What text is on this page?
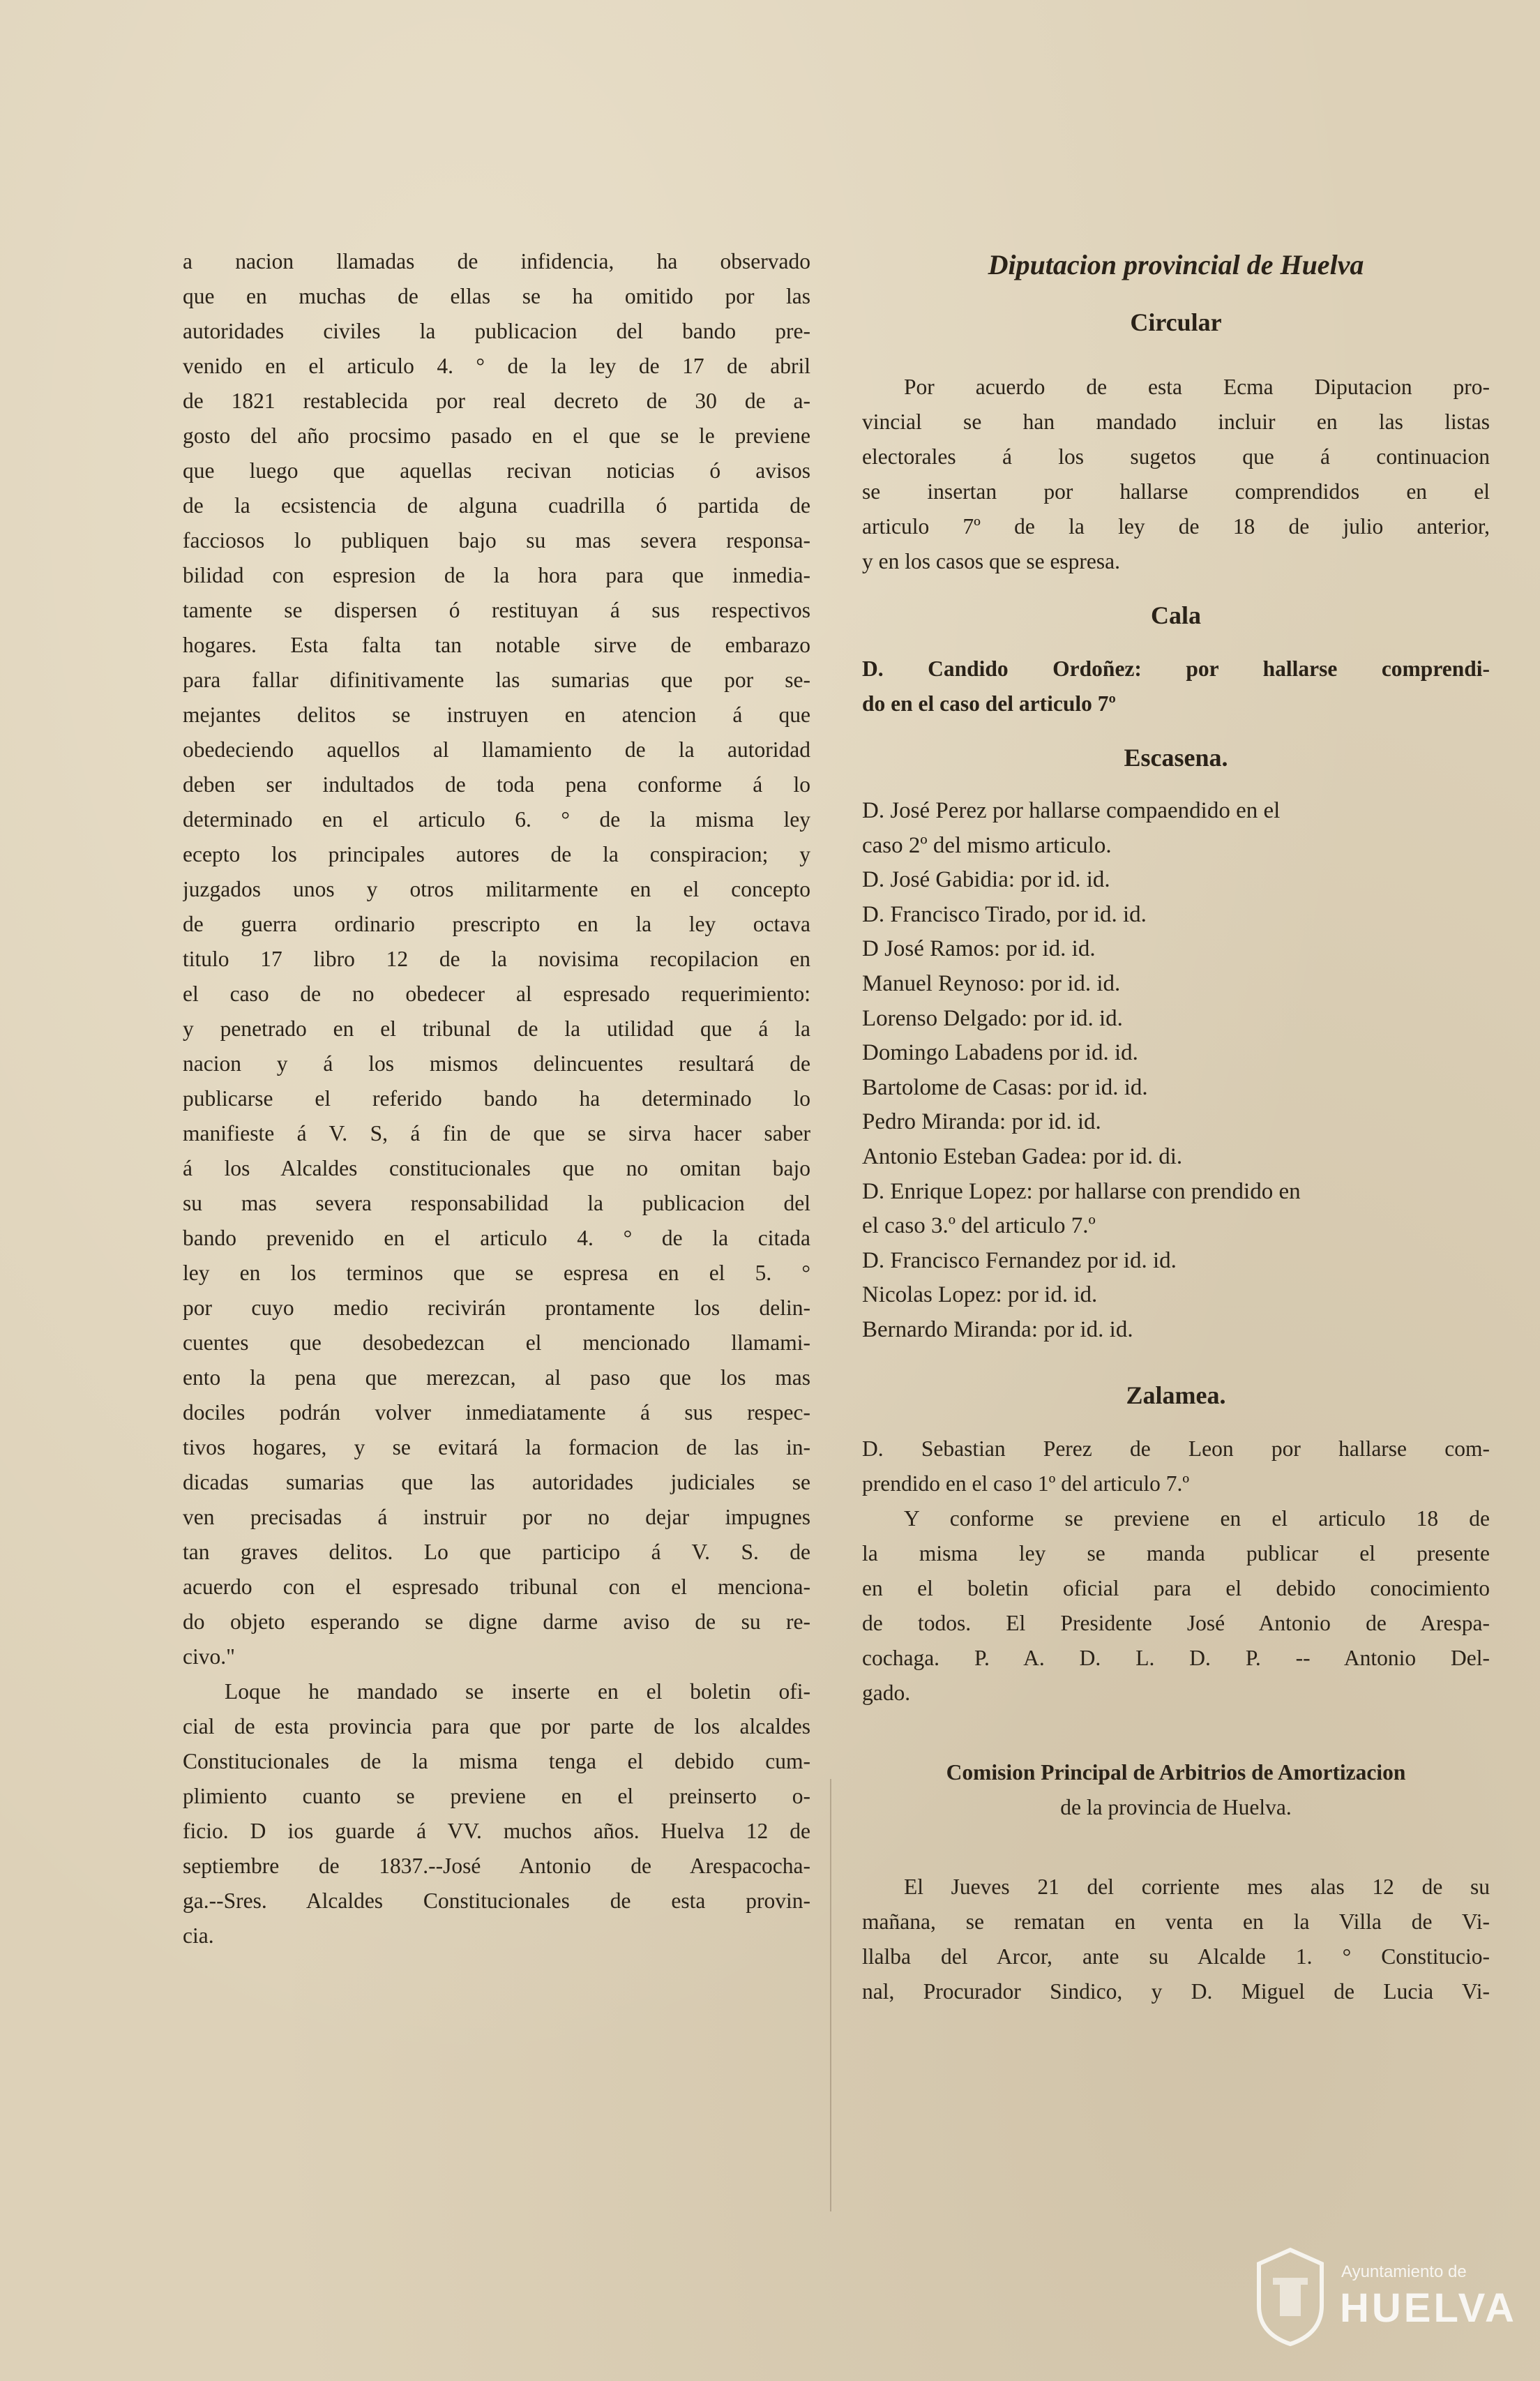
a nacion llamadas de infidencia, ha observado
que en muchas de ellas se ha omitido por las
autoridades civiles la publicacion del bando pre-
venido en el articulo 4. ° de la ley de 17 de abril
de 1821 restablecida por real decreto de 30 de a-
gosto del año procsimo pasado en el que se le previene
que luego que aquellas recivan noticias ó avisos
de la ecsistencia de alguna cuadrilla ó partida de
facciosos lo publiquen bajo su mas severa responsa-
bilidad con espresion de la hora para que inmedia-
tamente se dispersen ó restituyan á sus respectivos
hogares. Esta falta tan notable sirve de embarazo
para fallar difinitivamente las sumarias que por se-
mejantes delitos se instruyen en atencion á que
obedeciendo aquellos al llamamiento de la autoridad
deben ser indultados de toda pena conforme á lo
determinado en el articulo 6. ° de la misma ley
ecepto los principales autores de la conspiracion; y
juzgados unos y otros militarmente en el concepto
de guerra ordinario prescripto en la ley octava
titulo 17 libro 12 de la novisima recopilacion en
el caso de no obedecer al espresado requerimiento:
y penetrado en el tribunal de la utilidad que á la
nacion y á los mismos delincuentes resultará de
publicarse el referido bando ha determinado lo
manifieste á V. S, á fin de que se sirva hacer saber
á los Alcaldes constitucionales que no omitan bajo
su mas severa responsabilidad la publicacion del
bando prevenido en el articulo 4. ° de la citada
ley en los terminos que se espresa en el 5. °
por cuyo medio recivirán prontamente los delin-
cuentes que desobedezcan el mencionado llamami-
ento la pena que merezcan, al paso que los mas
dociles podrán volver inmediatamente á sus respec-
tivos hogares, y se evitará la formacion de las in-
dicadas sumarias que las autoridades judiciales se
ven precisadas á instruir por no dejar impugnes
tan graves delitos. Lo que participo á V. S. de
acuerdo con el espresado tribunal con el menciona-
do objeto esperando se digne darme aviso de su re-
civo."
Loque he mandado se inserte en el boletin ofi-
cial de esta provincia para que por parte de los alcaldes
Constitucionales de la misma tenga el debido cum-
plimiento cuanto se previene en el preinserto o-
ficio. D ios guarde á VV. muchos años. Huelva 12 de
septiembre de 1837.--José Antonio de Arespacocha-
ga.--Sres. Alcaldes Constitucionales de esta provin-
cia.
Diputacion provincial de Huelva
Circular
Por acuerdo de esta Ecma Diputacion pro-
vincial se han mandado incluir en las listas
electorales á los sugetos que á continuacion
se insertan por hallarse comprendidos en el
articulo 7º de la ley de 18 de julio anterior,
y en los casos que se espresa.
Cala
D. Candido Ordoñez: por hallarse comprendi-
do en el caso del articulo 7º
Escasena.
D. José Perez por hallarse compaendido en el
caso 2º del mismo articulo.
D. José Gabidia: por id. id.
D. Francisco Tirado, por id. id.
D José Ramos: por id. id.
Manuel Reynoso: por id. id.
Lorenso Delgado: por id. id.
Domingo Labadens por id. id.
Bartolome de Casas: por id. id.
Pedro Miranda: por id. id.
Antonio Esteban Gadea: por id. di.
D. Enrique Lopez: por hallarse con prendido en
el caso 3.º del articulo 7.º
D. Francisco Fernandez por id. id.
Nicolas Lopez: por id. id.
Bernardo Miranda: por id. id.
Zalamea.
D. Sebastian Perez de Leon por hallarse com-
prendido en el caso 1º del articulo 7.º
Y conforme se previene en el articulo 18 de
la misma ley se manda publicar el presente
en el boletin oficial para el debido conocimiento
de todos. El Presidente José Antonio de Arespa-
cochaga. P. A. D. L. D. P. -- Antonio Del-
gado.
Comision Principal de Arbitrios de Amortizacion
de la provincia de Huelva.
El Jueves 21 del corriente mes alas 12 de su
mañana, se rematan en venta en la Villa de Vi-
llalba del Arcor, ante su Alcalde 1. ° Constitucio-
nal, Procurador Sindico, y D. Miguel de Lucia Vi-
Ayuntamiento de
HUELVA
